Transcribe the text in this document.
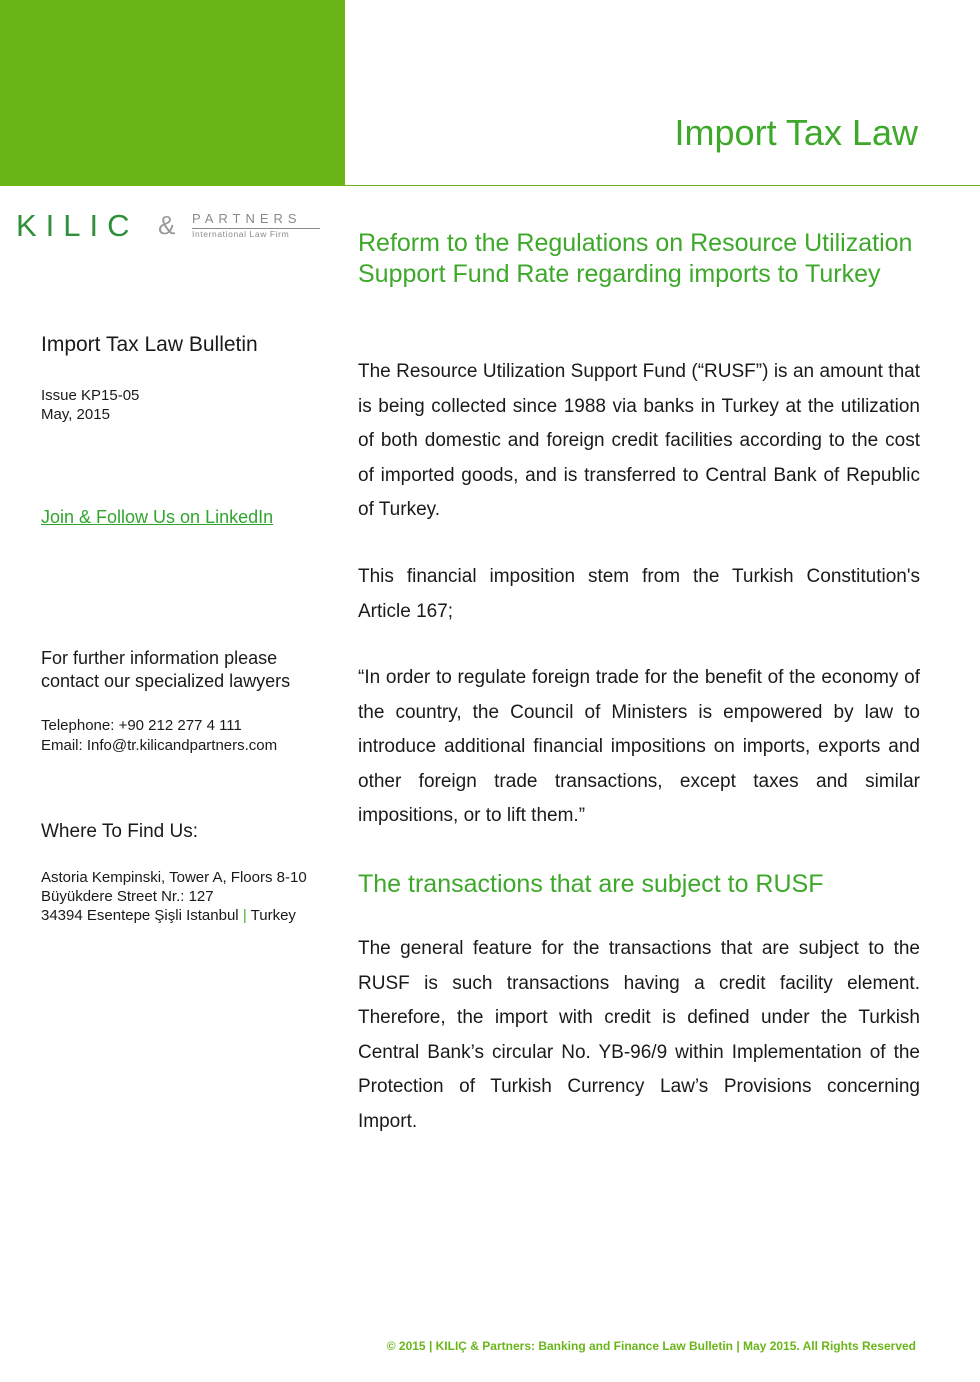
Import Tax Law
KILIC & PARTNERS
International Law Firm
Import Tax Law Bulletin
Issue KP15-05
May, 2015
Join & Follow Us on LinkedIn
For further information please
contact our specialized lawyers
Telephone: +90 212 277 4 111
Email: Info@tr.kilicandpartners.com
Where To Find Us:
Astoria Kempinski, Tower A, Floors 8-10
Büyükdere Street Nr.: 127
34394 Esentepe Şişli Istanbul | Turkey
Reform to the Regulations on Resource Utilization Support Fund Rate regarding imports to Turkey
The Resource Utilization Support Fund (“RUSF”) is an amount that is being collected since 1988 via banks in Turkey at the utilization of both domestic and foreign credit facilities according to the cost of imported goods, and is transferred to Central Bank of Republic of Turkey.
This financial imposition stem from the Turkish Constitution's Article 167;
“In order to regulate foreign trade for the benefit of the economy of the country, the Council of Ministers is empowered by law to introduce additional financial impositions on imports, exports and other foreign trade transactions, except taxes and similar impositions, or to lift them.”
The transactions that are subject to RUSF
The general feature for the transactions that are subject to the RUSF is such transactions having a credit facility element. Therefore, the import with credit is defined under the Turkish Central Bank’s circular No. YB-96/9 within Implementation of the Protection of Turkish Currency Law’s Provisions concerning Import.
© 2015 | KILIÇ & Partners: Banking and Finance Law Bulletin | May 2015. All Rights Reserved
